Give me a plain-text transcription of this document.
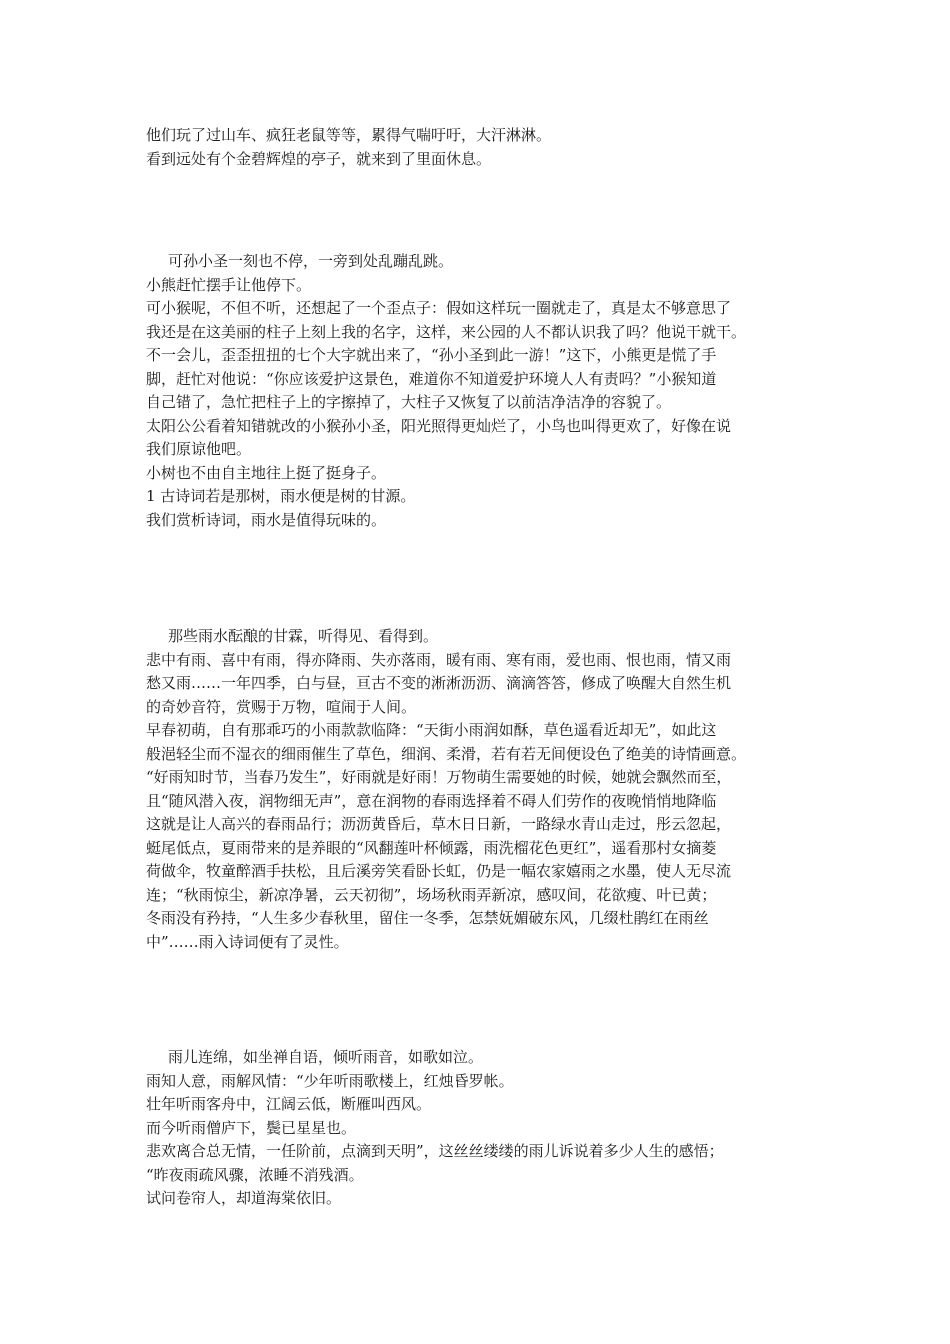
他们玩了过山车、疯狂老鼠等等，累得气喘吁吁，大汗淋淋。
看到远处有个金碧辉煌的亭子，就来到了里面休息。
可孙小圣一刻也不停，一旁到处乱蹦乱跳。
小熊赶忙摆手让他停下。
可小猴呢，不但不听，还想起了一个歪点子：假如这样玩一圈就走了，真是太不够意思了
我还是在这美丽的柱子上刻上我的名字，这样，来公园的人不都认识我了吗？他说干就干。
不一会儿，歪歪扭扭的七个大字就出来了，“孙小圣到此一游！”这下，小熊更是慌了手
脚，赶忙对他说：“你应该爱护这景色，难道你不知道爱护环境人人有责吗？”小猴知道
自己错了，急忙把柱子上的字擦掉了，大柱子又恢复了以前洁净洁净的容貌了。
太阳公公看着知错就改的小猴孙小圣，阳光照得更灿烂了，小鸟也叫得更欢了，好像在说
我们原谅他吧。
小树也不由自主地往上挺了挺身子。
1 古诗词若是那树，雨水便是树的甘源。
我们赏析诗词，雨水是值得玩味的。
那些雨水酝酿的甘霖，听得见、看得到。
悲中有雨、喜中有雨，得亦降雨、失亦落雨，暖有雨、寒有雨，爱也雨、恨也雨，情又雨
愁又雨……一年四季，白与昼，亘古不变的淅淅沥沥、滴滴答答，修成了唤醒大自然生机
的奇妙音符，赏赐于万物，喧闹于人间。
早春初萌，自有那乖巧的小雨款款临降：“天街小雨润如酥，草色遥看近却无”，如此这
般浥轻尘而不湿衣的细雨催生了草色，细润、柔滑，若有若无间便设色了绝美的诗情画意。
“好雨知时节，当春乃发生”，好雨就是好雨！万物萌生需要她的时候，她就会飘然而至，
且“随风潜入夜，润物细无声”，意在润物的春雨选择着不碍人们劳作的夜晚悄悄地降临
这就是让人高兴的春雨品行；沥沥黄昏后，草木日日新，一路绿水青山走过，彤云忽起，
蜓尾低点，夏雨带来的是养眼的“风翻莲叶杯倾露，雨洗榴花色更红”，遥看那村女摘菱
荷做伞，牧童醉酒手扶松，且后溪旁笑看卧长虹，仍是一幅农家嬉雨之水墨，使人无尽流
连；“秋雨惊尘，新凉净暑，云天初彻”，场场秋雨弄新凉，感叹间，花欲瘦、叶已黄；
冬雨没有矜持，“人生多少春秋里，留住一冬季，怎禁妩媚破东风，几缀杜鹃红在雨丝
中”……雨入诗词便有了灵性。
雨儿连绵，如坐禅自语，倾听雨音，如歌如泣。
雨知人意，雨解风情：“少年听雨歌楼上，红烛昏罗帐。
壮年听雨客舟中，江阔云低，断雁叫西风。
而今听雨僧庐下，鬓已星星也。
悲欢离合总无情，一任阶前，点滴到天明”，这丝丝缕缕的雨儿诉说着多少人生的感悟；
“昨夜雨疏风骤，浓睡不消残酒。
试问卷帘人，却道海棠依旧。
